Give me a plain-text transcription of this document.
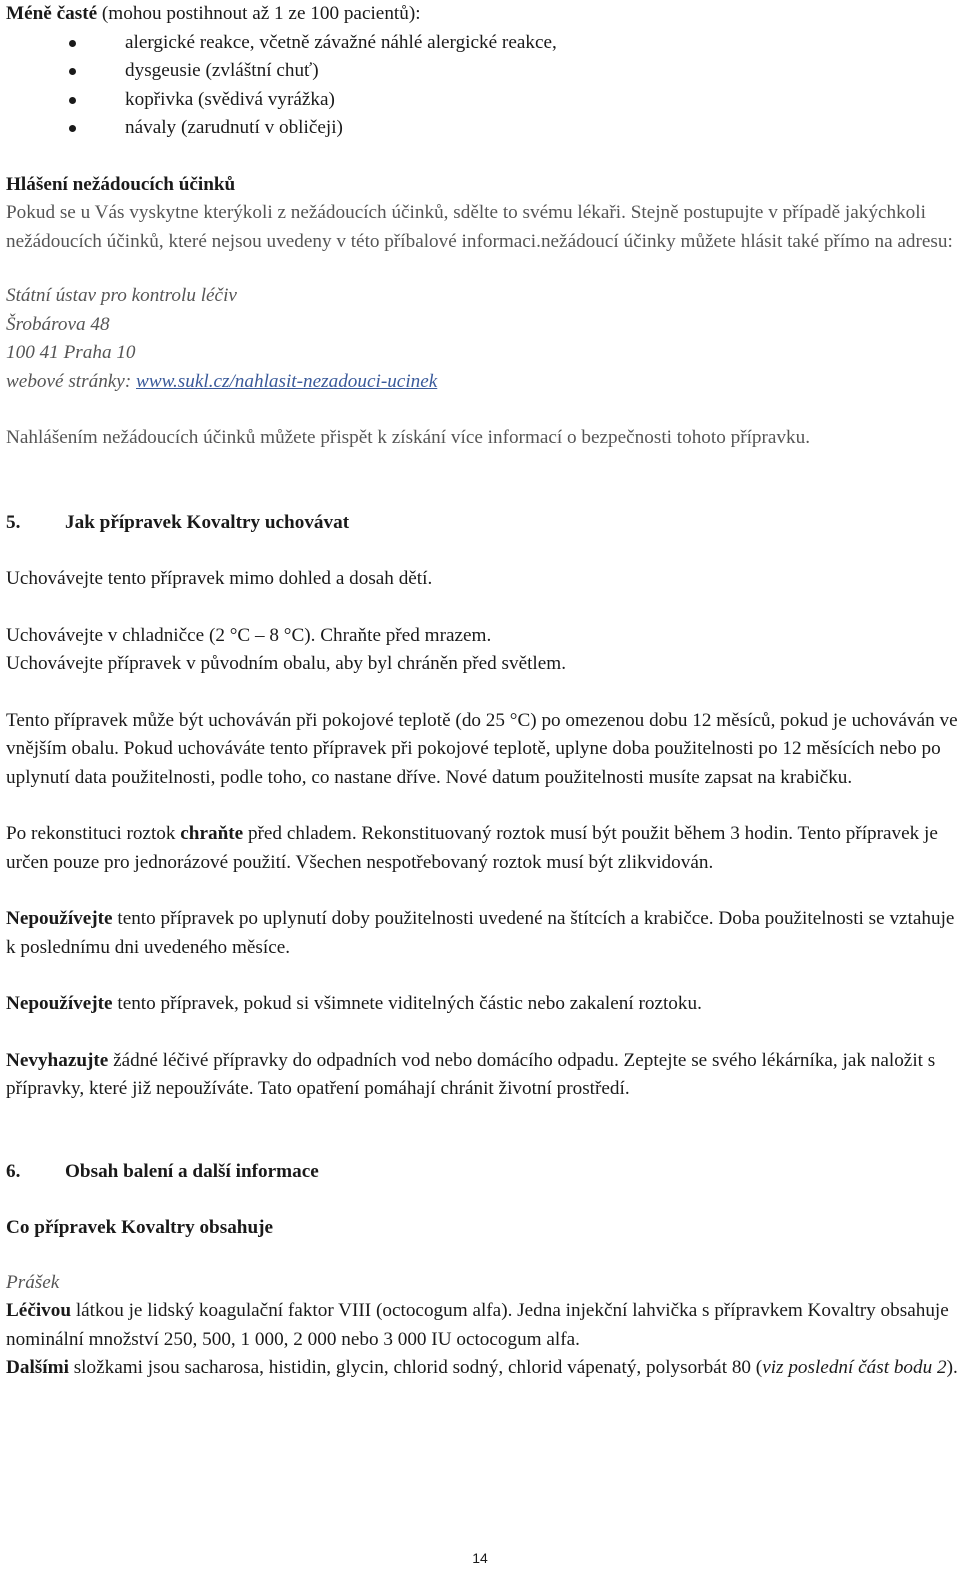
Méně časté (mohou postihnout až 1 ze 100 pacientů):

alergické reakce, včetně závažné náhlé alergické reakce,
dysgeusie (zvláštní chuť)
kopřivka (svědivá vyrážka)
návaly (zarudnutí v obličeji)

Hlášení nežádoucích účinků

Pokud se u Vás vyskytne kterýkoli z nežádoucích účinků, sdělte to svému lékaři. Stejně postupujte v případě jakýchkoli nežádoucích účinků, které nejsou uvedeny v této příbalové informaci.nežádoucí účinky můžete hlásit také přímo na adresu:

Státní ústav pro kontrolu léčiv

Šrobárova 48

100 41 Praha 10

webové stránky: www.sukl.cz/nahlasit-nezadouci-ucinek

Nahlášením nežádoucích účinků můžete přispět k získání více informací o bezpečnosti tohoto přípravku.

5.	Jak přípravek Kovaltry uchovávat

Uchovávejte tento přípravek mimo dohled a dosah dětí.

Uchovávejte v chladničce (2 °C – 8 °C). Chraňte před mrazem.

Uchovávejte přípravek v původním obalu, aby byl chráněn před světlem.

Tento přípravek může být uchováván při pokojové teplotě (do 25 °C) po omezenou dobu 12 měsíců, pokud je uchováván ve vnějším obalu. Pokud uchováváte tento přípravek při pokojové teplotě, uplyne doba použitelnosti po 12 měsících nebo po uplynutí data použitelnosti, podle toho, co nastane dříve. Nové datum použitelnosti musíte zapsat na krabičku.

Po rekonstituci roztok chraňte před chladem. Rekonstituovaný roztok musí být použit během 3 hodin. Tento přípravek je určen pouze pro jednorázové použití. Všechen nespotřebovaný roztok musí být zlikvidován.

Nepoužívejte tento přípravek po uplynutí doby použitelnosti uvedené na štítcích a krabičce. Doba použitelnosti se vztahuje k poslednímu dni uvedeného měsíce.

Nepoužívejte tento přípravek, pokud si všimnete viditelných částic nebo zakalení roztoku.

Nevyhazujte žádné léčivé přípravky do odpadních vod nebo domácího odpadu. Zeptejte se svého lékárníka, jak naložit s přípravky, které již nepoužíváte. Tato opatření pomáhají chránit životní prostředí.

6.	Obsah balení a další informace

Co přípravek Kovaltry obsahuje

Prášek

Léčivou látkou je lidský koagulační faktor VIII (octocogum alfa). Jedna injekční lahvička s přípravkem Kovaltry obsahuje nominální množství 250, 500, 1 000, 2 000 nebo 3 000 IU octocogum alfa.

Dalšími složkami jsou sacharosa, histidin, glycin, chlorid sodný, chlorid vápenatý, polysorbát 80 (viz poslední část bodu 2).

14
